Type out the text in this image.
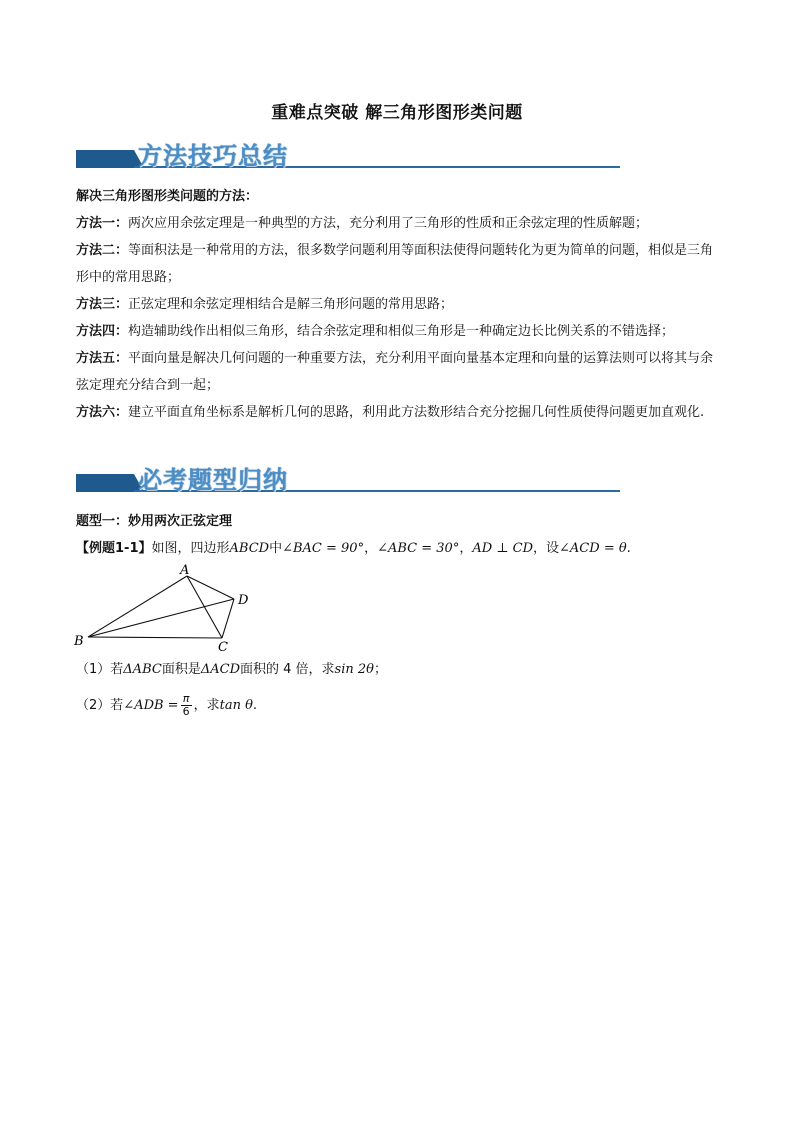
重难点突破 解三角形图形类问题
方法技巧总结
解决三角形图形类问题的方法：
方法一：两次应用余弦定理是一种典型的方法，充分利用了三角形的性质和正余弦定理的性质解题；
方法二：等面积法是一种常用的方法，很多数学问题利用等面积法使得问题转化为更为简单的问题，相似是三角形中的常用思路；
方法三：正弦定理和余弦定理相结合是解三角形问题的常用思路；
方法四：构造辅助线作出相似三角形，结合余弦定理和相似三角形是一种确定边长比例关系的不错选择；
方法五：平面向量是解决几何问题的一种重要方法，充分利用平面向量基本定理和向量的运算法则可以将其与余弦定理充分结合到一起；
方法六：建立平面直角坐标系是解析几何的思路，利用此方法数形结合充分挖掘几何性质使得问题更加直观化.
必考题型归纳
题型一：妙用两次正弦定理
【例题1-1】如图，四边形ABCD中∠BAC = 90°，∠ABC = 30°，AD ⊥ CD，设∠ACD = θ.
A
B	C
D
（1）若ΔABC面积是ΔACD面积的 4 倍，求sin 2θ；
（2）若∠ADB = $\frac{\pi}{6}$ ，求tan θ.
